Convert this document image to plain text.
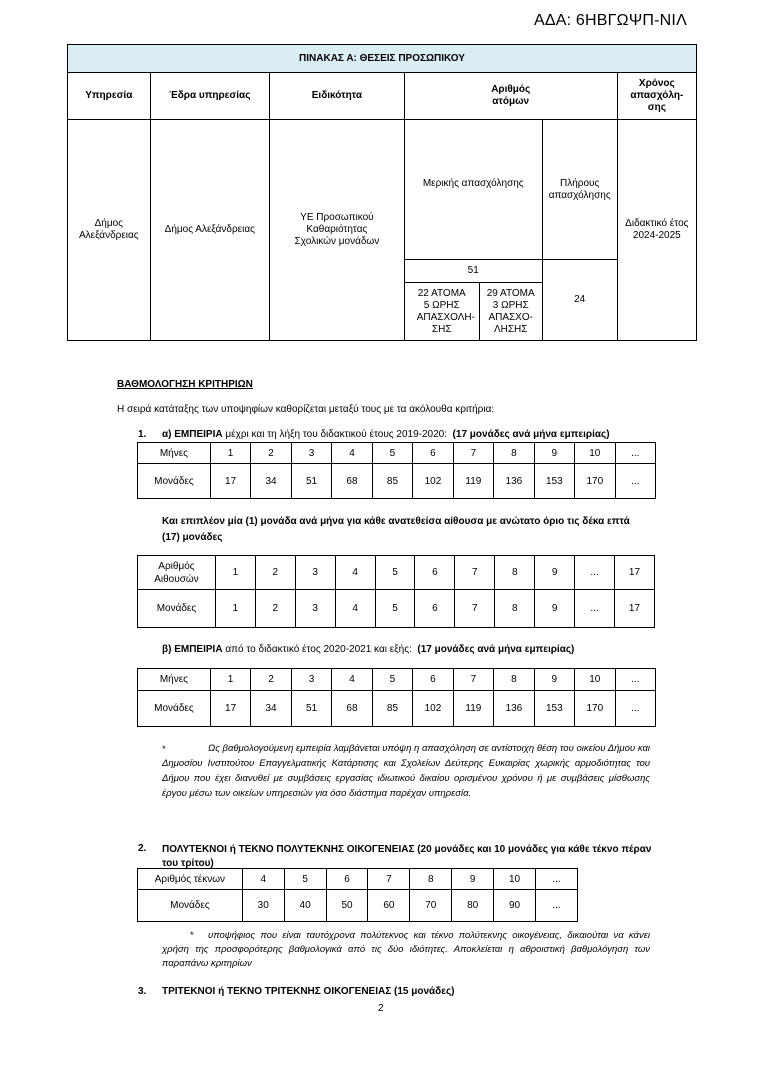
ΑΔΑ: 6ΗΒΓΩΨΠ-ΝΙΛ
ΠΙΝΑΚΑΣ Α: ΘΕΣΕΙΣ ΠΡΟΣΩΠΙΚΟΥ						
Υπηρεσία	Έδρα υπηρεσίας	Ειδικότητα	Αριθμός ατόμων			Χρόνος απασχόλη-σης

Δήμος Αλεξάνδρειας	Δήμος Αλεξάνδρειας	ΥΕ Προσωπικού Καθαριότητας Σχολικών μονάδων	Μερικής απασχόλησης		Πλήρους απασχόλησης	Διδακτικό έτος 2024-2025

			51		24	

			22 ΑΤΟΜΑ 5 ΩΡΗΣ ΑΠΑΣΧΟΛΗ-ΣΗΣ	29 ΑΤΟΜΑ 3 ΩΡΗΣ ΑΠΑΣΧΟ-ΛΗΣΗΣ		
ΒΑΘΜΟΛΟΓΗΣΗ ΚΡΙΤΗΡΙΩΝ
Η σειρά κατάταξης των υποψηφίων καθορίζεται μεταξύ τους με τα ακόλουθα κριτήρια:
1. α) ΕΜΠΕΙΡΙΑ μέχρι και τη λήξη του διδακτικού έτους 2019-2020: (17 μονάδες ανά μήνα εμπειρίας)
Μήνες	1	2	3	4	5	6	7	8	9	10	...
Μονάδες	17	34	51	68	85	102	119	136	153	170	...
Και επιπλέον μία (1) μονάδα ανά μήνα για κάθε ανατεθείσα αίθουσα με ανώτατο όριο τις δέκα επτά (17) μονάδες
Αριθμός Αιθουσών	1	2	3	4	5	6	7	8	9	...	17
Μονάδες	1	2	3	4	5	6	7	8	9	...	17
β) ΕΜΠΕΙΡΙΑ από το διδακτικό έτος 2020-2021 και εξής: (17 μονάδες ανά μήνα εμπειρίας)
Μήνες	1	2	3	4	5	6	7	8	9	10	...
Μονάδες	17	34	51	68	85	102	119	136	153	170	...
*	Ως βαθμολογούμενη εμπειρία λαμβάνεται υπόψη η απασχόληση σε αντίστοιχη θέση του οικείου Δήμου και Δημοσίου Ινστιτούτου Επαγγελματικής Κατάρτισης και Σχολείων Δεύτερης Ευκαιρίας χωρικής αρμοδιότητας του Δήμου που έχει διανυθεί με συμβάσεις εργασίας ιδιωτικού δικαίου ορισμένου χρόνου ή με συμβάσεις μίσθωσης έργου μέσω των οικείων υπηρεσιών για όσο διάστημα παρέχαν υπηρεσία.
2. ΠΟΛΥΤΕΚΝΟΙ ή ΤΕΚΝΟ ΠΟΛΥΤΕΚΝΗΣ ΟΙΚΟΓΕΝΕΙΑΣ (20 μονάδες και 10 μονάδες για κάθε τέκνο πέραν του τρίτου)
Αριθμός τέκνων	4	5	6	7	8	9	10	...
Μονάδες	30	40	50	60	70	80	90	...
*	υποψήφιος που είναι ταυτόχρονα πολύτεκνος και τέκνο πολύτεκνης οικογένειας, δικαιούται να κάνει χρήση της προσφορότερης βαθμολογικά από τις δύο ιδιότητες. Αποκλείεται η αθροιστική βαθμολόγηση των παραπάνω κριτηρίων
3. ΤΡΙΤΕΚΝΟΙ ή ΤΕΚΝΟ ΤΡΙΤΕΚΝΗΣ ΟΙΚΟΓΕΝΕΙΑΣ (15 μονάδες)
2
